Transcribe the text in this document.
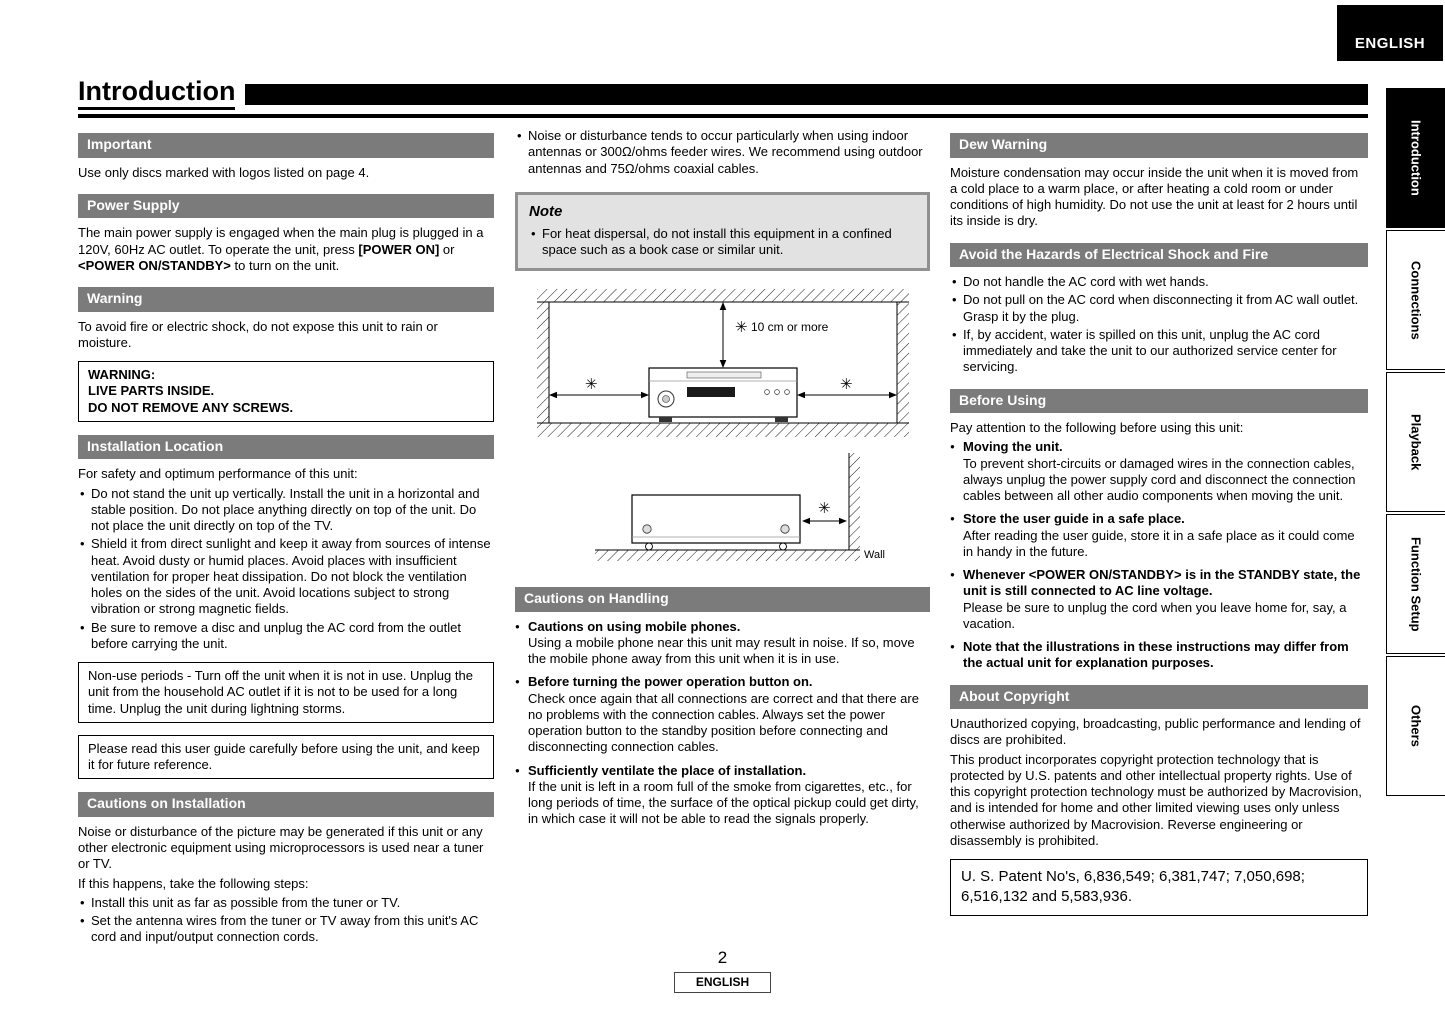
ENGLISH
Introduction
Important

Use only discs marked with logos listed on page 4.

Power Supply

The main power supply is engaged when the main plug is plugged in a 120V, 60Hz AC outlet. To operate the unit, press [POWER ON] or <POWER ON/STANDBY> to turn on the unit.

Warning

To avoid fire or electric shock, do not expose this unit to rain or moisture.

WARNING:
LIVE PARTS INSIDE.
DO NOT REMOVE ANY SCREWS.
Installation Location

For safety and optimum performance of this unit:

• Do not stand the unit up vertically. Install the unit in a horizontal and stable position. Do not place anything directly on top of the unit. Do not place the unit directly on top of the TV.
• Shield it from direct sunlight and keep it away from sources of intense heat. Avoid dusty or humid places. Avoid places with insufficient ventilation for proper heat dissipation. Do not block the ventilation holes on the sides of the unit. Avoid locations subject to strong vibration or strong magnetic fields.
• Be sure to remove a disc and unplug the AC cord from the outlet before carrying the unit.
Non-use periods - Turn off the unit when it is not in use. Unplug the unit from the household AC outlet if it is not to be used for a long time. Unplug the unit during lightning storms.
Please read this user guide carefully before using the unit, and keep it for future reference.
Cautions on Installation

Noise or disturbance of the picture may be generated if this unit or any other electronic equipment using microprocessors is used near a tuner or TV.

If this happens, take the following steps:

• Install this unit as far as possible from the tuner or TV.
• Set the antenna wires from the tuner or TV away from this unit's AC cord and input/output connection cords.
• Noise or disturbance tends to occur particularly when using indoor antennas or 300Ω/ohms feeder wires. We recommend using outdoor antennas and 75Ω/ohms coaxial cables.
Note
• For heat dispersal, do not install this equipment in a confined space such as a book case or similar unit.
✳ 10 cm or more
✳	✳
✳
Wall
Cautions on Handling
● Cautions on using mobile phones.
Using a mobile phone near this unit may result in noise. If so, move the mobile phone away from this unit when it is in use.
● Before turning the power operation button on.
Check once again that all connections are correct and that there are no problems with the connection cables. Always set the power operation button to the standby position before connecting and disconnecting connection cables.
● Sufficiently ventilate the place of installation.
If the unit is left in a room full of the smoke from cigarettes, etc., for long periods of time, the surface of the optical pickup could get dirty, in which case it will not be able to read the signals properly.
Dew Warning

Moisture condensation may occur inside the unit when it is moved from a cold place to a warm place, or after heating a cold room or under conditions of high humidity. Do not use the unit at least for 2 hours until its inside is dry.

Avoid the Hazards of Electrical Shock and Fire
• Do not handle the AC cord with wet hands.
• Do not pull on the AC cord when disconnecting it from AC wall outlet. Grasp it by the plug.
• If, by accident, water is spilled on this unit, unplug the AC cord immediately and take the unit to our authorized service center for servicing.
Before Using

Pay attention to the following before using this unit:

● Moving the unit.
To prevent short-circuits or damaged wires in the connection cables, always unplug the power supply cord and disconnect the connection cables between all other audio components when moving the unit.
● Store the user guide in a safe place.
After reading the user guide, store it in a safe place as it could come in handy in the future.
● Whenever <POWER ON/STANDBY> is in the STANDBY state, the unit is still connected to AC line voltage.
Please be sure to unplug the cord when you leave home for, say, a vacation.
● Note that the illustrations in these instructions may differ from the actual unit for explanation purposes.
About Copyright

Unauthorized copying, broadcasting, public performance and lending of discs are prohibited.

This product incorporates copyright protection technology that is protected by U.S. patents and other intellectual property rights. Use of this copyright protection technology must be authorized by Macrovision, and is intended for home and other limited viewing uses only unless otherwise authorized by Macrovision. Reverse engineering or disassembly is prohibited.

U. S. Patent No's, 6,836,549; 6,381,747; 7,050,698; 6,516,132 and 5,583,936.
Introduction
Connections
Playback
Function Setup
Others
2
ENGLISH
